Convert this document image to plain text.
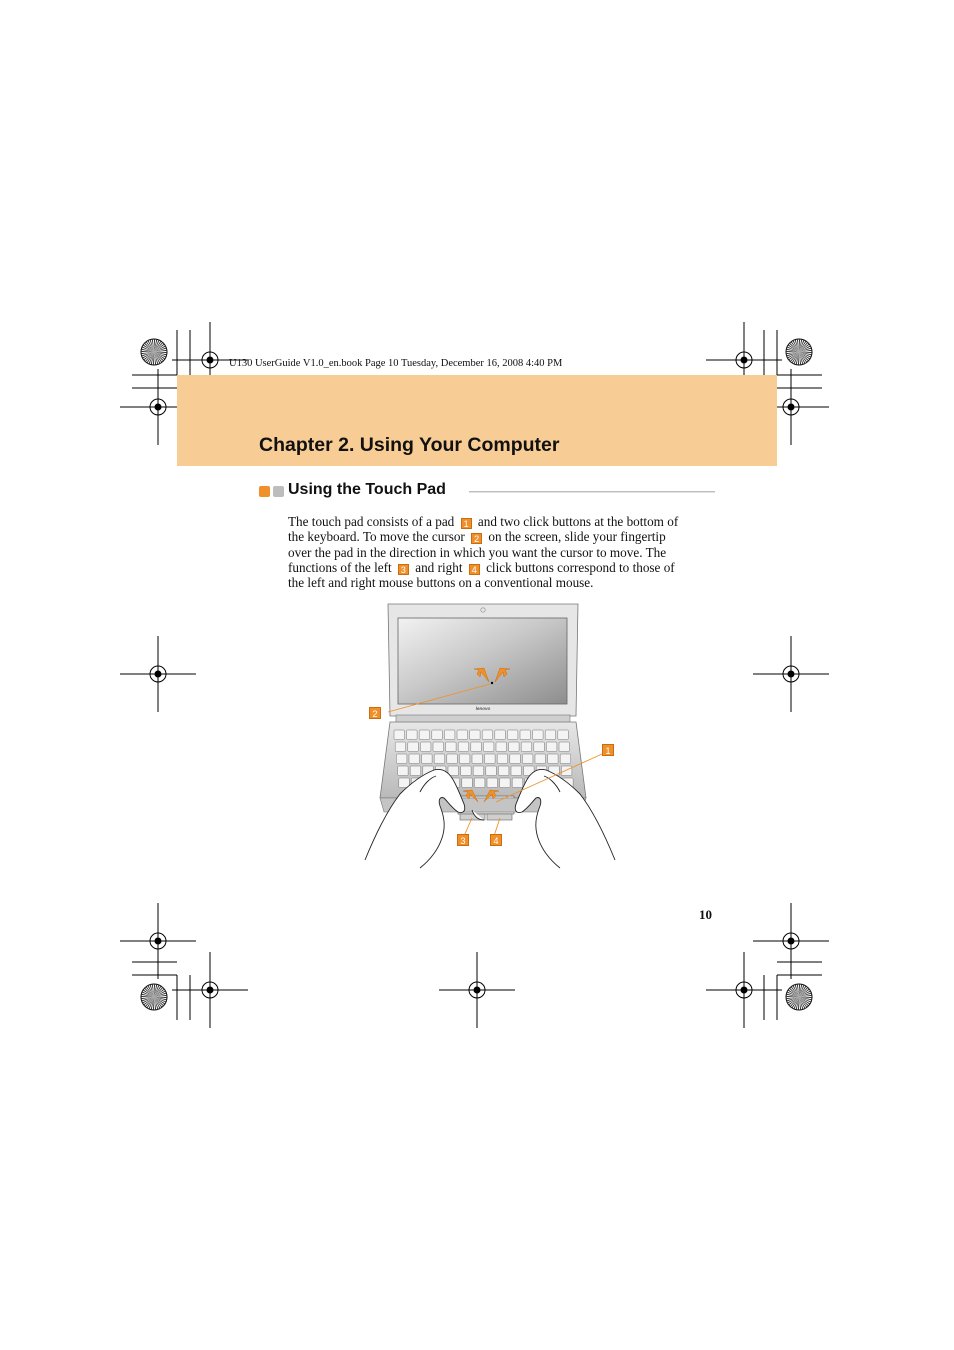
U130 UserGuide V1.0_en.book Page 10 Tuesday, December 16, 2008 4:40 PM
Chapter 2. Using Your Computer
Using the Touch Pad
The touch pad consists of a pad 1 and two click buttons at the bottom of
the keyboard. To move the cursor 2 on the screen, slide your fingertip
over the pad in the direction in which you want the cursor to move. The
functions of the left 3 and right 4 click buttons correspond to those of
the left and right mouse buttons on a conventional mouse.
lenovo
2
1
3	4
10
